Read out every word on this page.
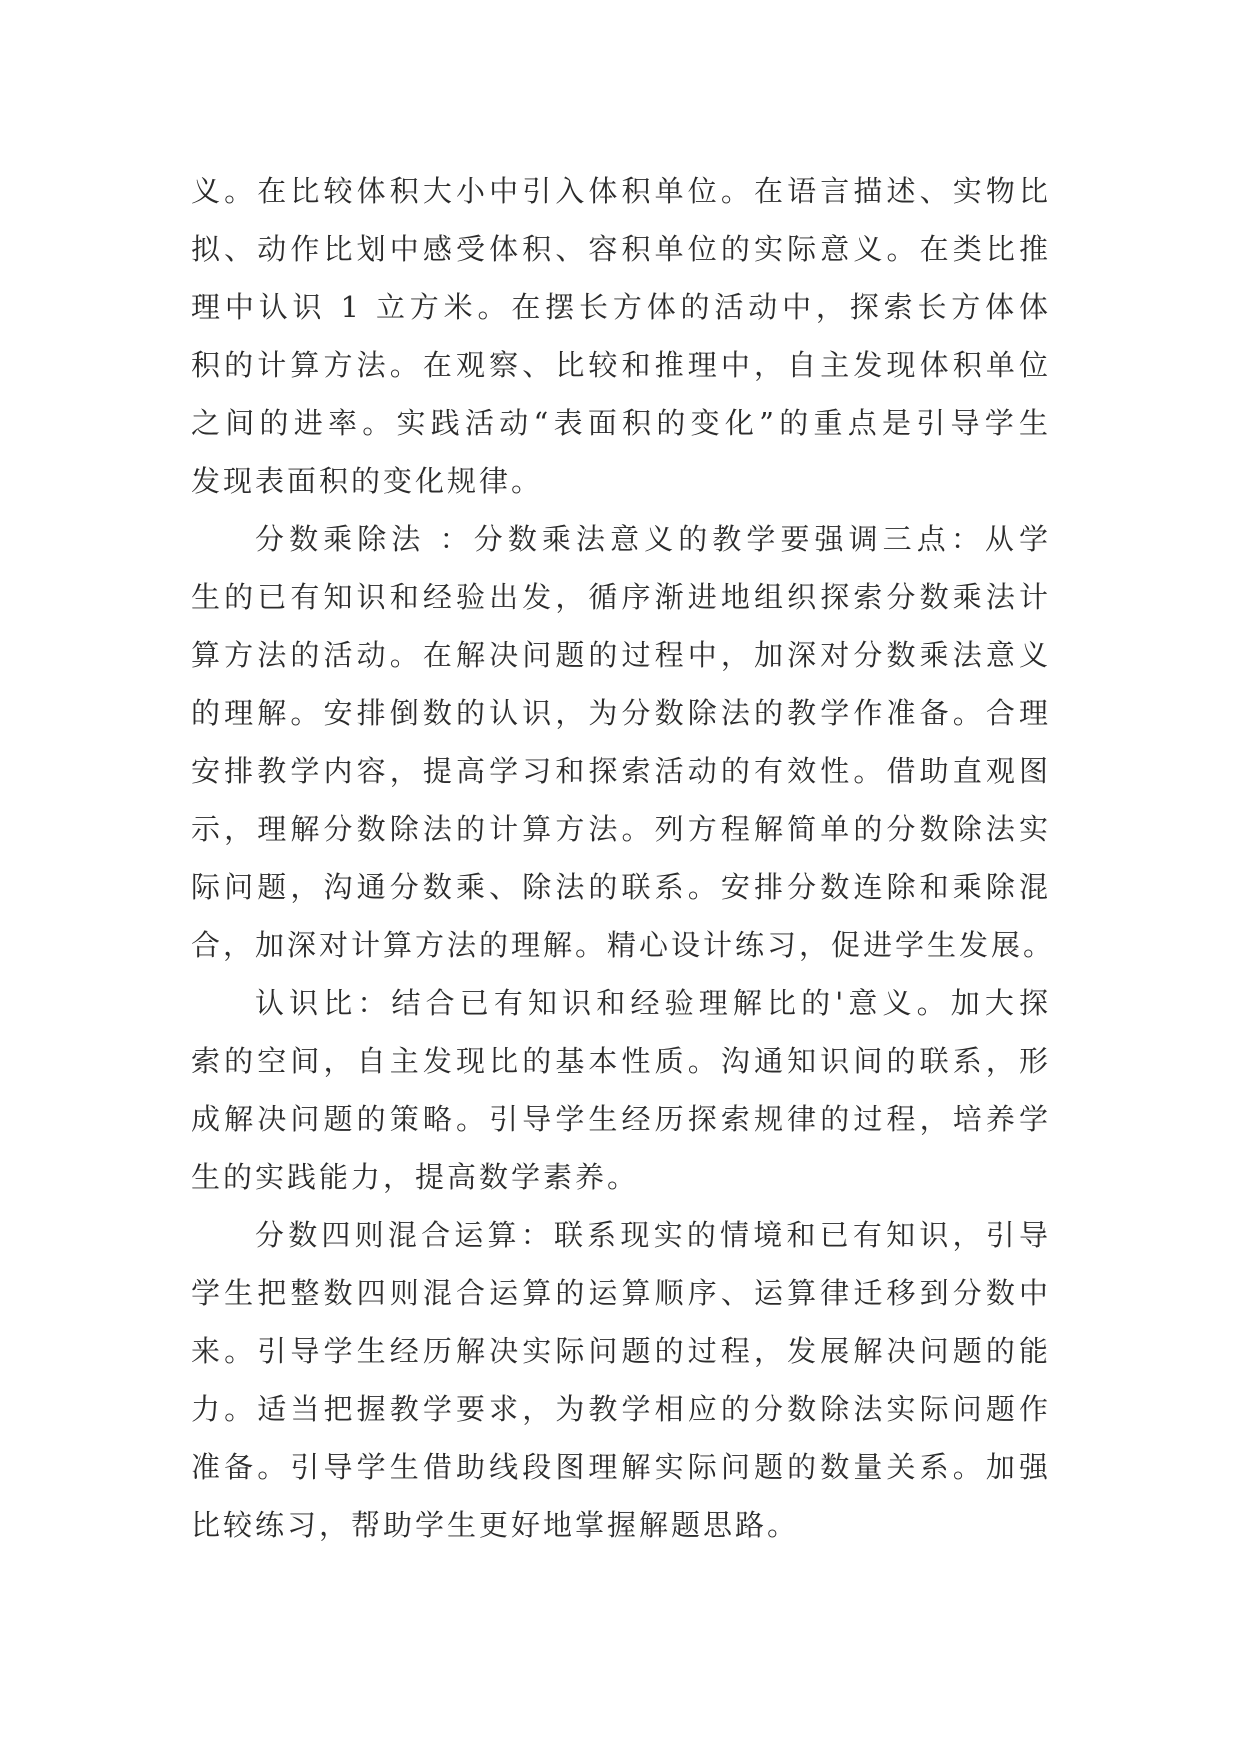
义。在比较体积大小中引入体积单位。在语言描述、实物比
拟、动作比划中感受体积、容积单位的实际意义。在类比推
理中认识 1 立方米。在摆长方体的活动中，探索长方体体
积的计算方法。在观察、比较和推理中，自主发现体积单位
之间的进率。实践活动“表面积的变化”的重点是引导学生
发现表面积的变化规律。

分数乘除法 ：分数乘法意义的教学要强调三点：从学
生的已有知识和经验出发，循序渐进地组织探索分数乘法计
算方法的活动。在解决问题的过程中，加深对分数乘法意义
的理解。安排倒数的认识，为分数除法的教学作准备。合理
安排教学内容，提高学习和探索活动的有效性。借助直观图
示，理解分数除法的计算方法。列方程解简单的分数除法实
际问题，沟通分数乘、除法的联系。安排分数连除和乘除混
合，加深对计算方法的理解。精心设计练习，促进学生发展。

认识比：结合已有知识和经验理解比的'意义。加大探
索的空间，自主发现比的基本性质。沟通知识间的联系，形
成解决问题的策略。引导学生经历探索规律的过程，培养学
生的实践能力，提高数学素养。

分数四则混合运算：联系现实的情境和已有知识，引导
学生把整数四则混合运算的运算顺序、运算律迁移到分数中
来。引导学生经历解决实际问题的过程，发展解决问题的能
力。适当把握教学要求，为教学相应的分数除法实际问题作
准备。引导学生借助线段图理解实际问题的数量关系。加强
比较练习，帮助学生更好地掌握解题思路。
